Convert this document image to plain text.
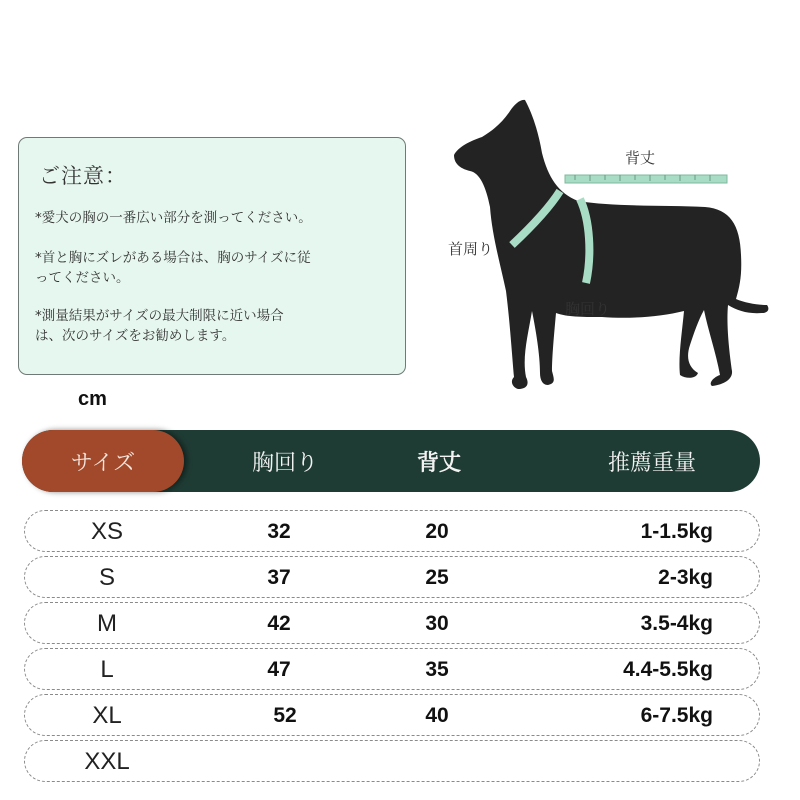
ご注意：
*愛犬の胸の一番広い部分を測ってください。
*首と胸にズレがある場合は、胸のサイズに従
ってください。
*測量結果がサイズの最大制限に近い場合
は、次のサイズをお勧めします。
背丈
首周り
胸回り
cm
サイズ	胸回り	背丈	推薦重量
XS	32	20	1-1.5kg
S	37	25	2-3kg
M	42	30	3.5-4kg
L	47	35	4.4-5.5kg
XL	52	40	6-7.5kg
XXL
